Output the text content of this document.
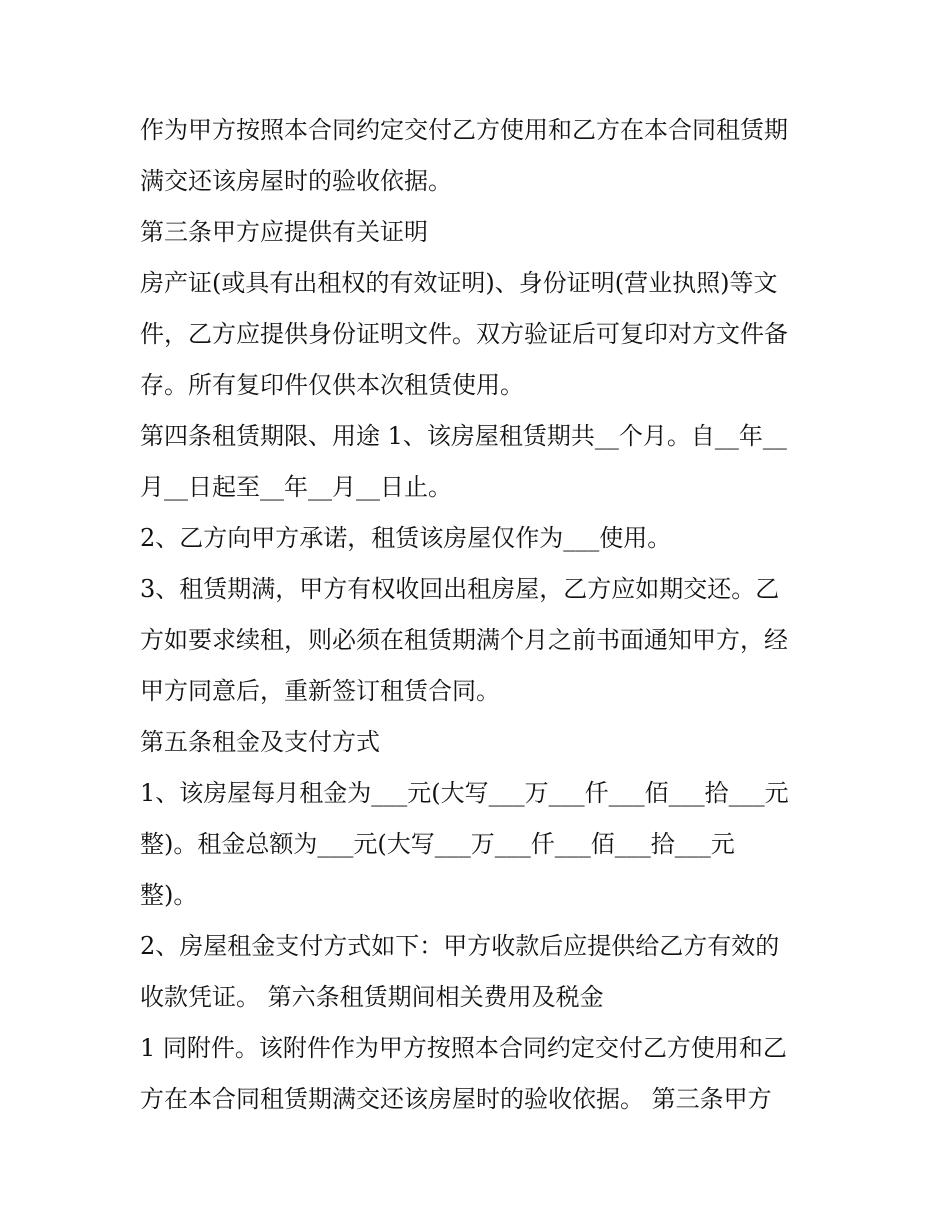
作为甲方按照本合同约定交付乙方使用和乙方在本合同租赁期
满交还该房屋时的验收依据。
第三条甲方应提供有关证明
房产证(或具有出租权的有效证明)、身份证明(营业执照)等文
件，乙方应提供身份证明文件。双方验证后可复印对方文件备
存。所有复印件仅供本次租赁使用。
第四条租赁期限、用途 1、该房屋租赁期共__个月。自__年__
月__日起至__年__月__日止。
2、乙方向甲方承诺，租赁该房屋仅作为___使用。
3、租赁期满，甲方有权收回出租房屋，乙方应如期交还。乙
方如要求续租，则必须在租赁期满个月之前书面通知甲方，经
甲方同意后，重新签订租赁合同。
第五条租金及支付方式
1、该房屋每月租金为___元(大写___万___仟___佰___拾___元
整)。租金总额为___元(大写___万___仟___佰___拾___元
整)。
2、房屋租金支付方式如下：甲方收款后应提供给乙方有效的
收款凭证。 第六条租赁期间相关费用及税金
1 同附件。该附件作为甲方按照本合同约定交付乙方使用和乙
方在本合同租赁期满交还该房屋时的验收依据。 第三条甲方
